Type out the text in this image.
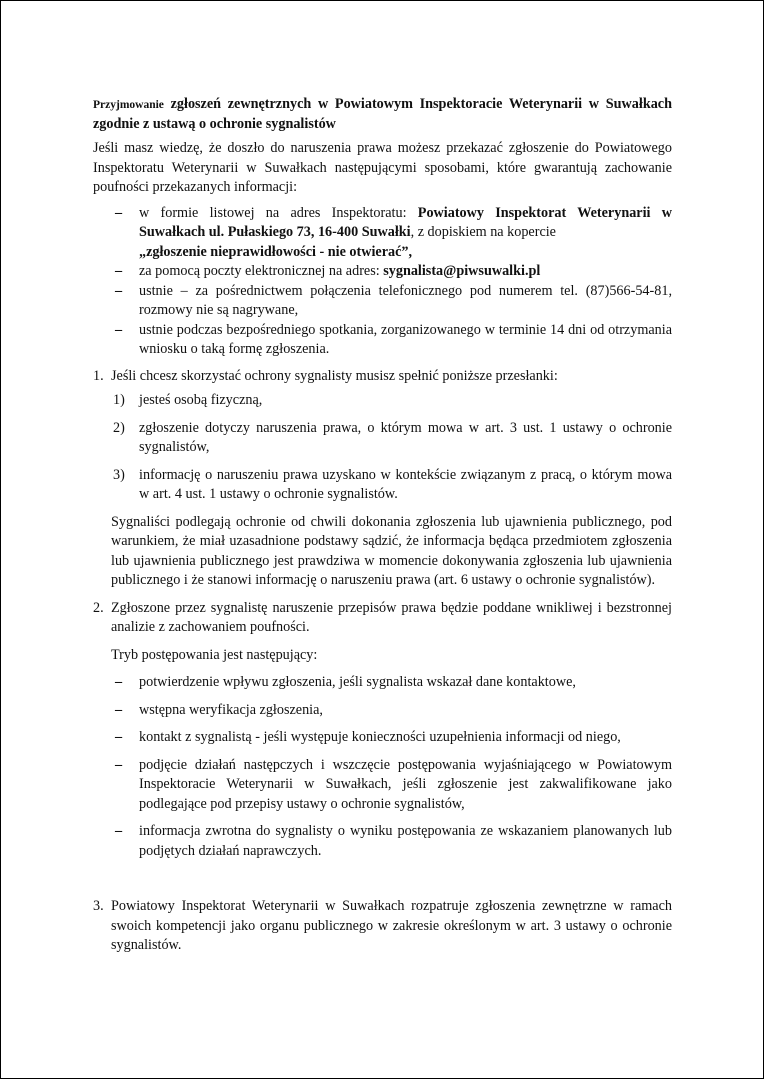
Przyjmowanie zgłoszeń zewnętrznych w Powiatowym Inspektoracie Weterynarii w Suwałkach zgodnie z ustawą o ochronie sygnalistów

Jeśli masz wiedzę, że doszło do naruszenia prawa możesz przekazać zgłoszenie do Powiatowego Inspektoratu Weterynarii w Suwałkach następującymi sposobami, które gwarantują zachowanie poufności przekazanych informacji:

– w formie listowej na adres Inspektoratu: Powiatowy Inspektorat Weterynarii w Suwałkach ul. Pułaskiego 73, 16-400 Suwałki, z dopiskiem na kopercie
„zgłoszenie nieprawidłowości - nie otwierać”,
– za pomocą poczty elektronicznej na adres: sygnalista@piwsuwalki.pl
– ustnie – za pośrednictwem połączenia telefonicznego pod numerem tel. (87)566-54-81, rozmowy nie są nagrywane,
– ustnie podczas bezpośredniego spotkania, zorganizowanego w terminie 14 dni od otrzymania wniosku o taką formę zgłoszenia.
1. Jeśli chcesz skorzystać ochrony sygnalisty musisz spełnić poniższe przesłanki:

1) jesteś osobą fizyczną,
2) zgłoszenie dotyczy naruszenia prawa, o którym mowa w art. 3 ust. 1 ustawy o ochronie sygnalistów,
3) informację o naruszeniu prawa uzyskano w kontekście związanym z pracą, o którym mowa w art. 4 ust. 1 ustawy o ochronie sygnalistów.

Sygnaliści podlegają ochronie od chwili dokonania zgłoszenia lub ujawnienia publicznego, pod warunkiem, że miał uzasadnione podstawy sądzić, że informacja będąca przedmiotem zgłoszenia lub ujawnienia publicznego jest prawdziwa w momencie dokonywania zgłoszenia lub ujawnienia publicznego i że stanowi informację o naruszeniu prawa (art. 6 ustawy o ochronie sygnalistów).

2. Zgłoszone przez sygnalistę naruszenie przepisów prawa będzie poddane wnikliwej i bezstronnej analizie z zachowaniem poufności.

Tryb postępowania jest następujący:

– potwierdzenie wpływu zgłoszenia, jeśli sygnalista wskazał dane kontaktowe,
– wstępna weryfikacja zgłoszenia,
– kontakt z sygnalistą - jeśli występuje konieczności uzupełnienia informacji od niego,
– podjęcie działań następczych i wszczęcie postępowania wyjaśniającego w Powiatowym Inspektoracie Weterynarii w Suwałkach, jeśli zgłoszenie jest zakwalifikowane jako podlegające pod przepisy ustawy o ochronie sygnalistów,
– informacja zwrotna do sygnalisty o wyniku postępowania ze wskazaniem planowanych lub podjętych działań naprawczych.
3. Powiatowy Inspektorat Weterynarii w Suwałkach rozpatruje zgłoszenia zewnętrzne w ramach swoich kompetencji jako organu publicznego w zakresie określonym w art. 3 ustawy o ochronie sygnalistów.
